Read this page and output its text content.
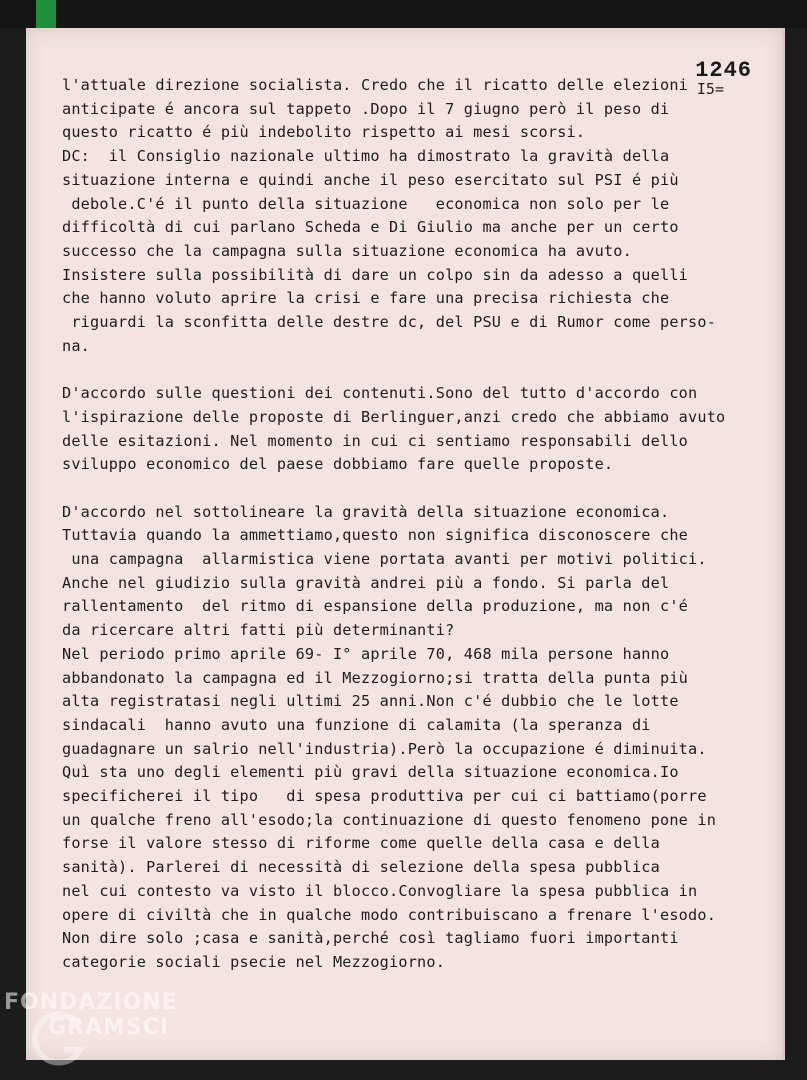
1246
I5=
l'attuale direzione socialista. Credo che il ricatto delle elezioni
anticipate é ancora sul tappeto .Dopo il 7 giugno però il peso di
questo ricatto é più indebolito rispetto ai mesi scorsi.
DC:  il Consiglio nazionale ultimo ha dimostrato la gravità della
situazione interna e quindi anche il peso esercitato sul PSI é più
debole.C'é il punto della situazione   economica non solo per le
difficoltà di cui parlano Scheda e Di Giulio ma anche per un certo
successo che la campagna sulla situazione economica ha avuto.
Insistere sulla possibilità di dare un colpo sin da adesso a quelli
che hanno voluto aprire la crisi e fare una precisa richiesta che
riguardi la sconfitta delle destre dc, del PSU e di Rumor come perso-
na.
D'accordo sulle questioni dei contenuti.Sono del tutto d'accordo con
l'ispirazione delle proposte di Berlinguer,anzi credo che abbiamo avuto
delle esitazioni. Nel momento in cui ci sentiamo responsabili dello
sviluppo economico del paese dobbiamo fare quelle proposte.
D'accordo nel sottolineare la gravità della situazione economica.
Tuttavia quando la ammettiamo,questo non significa disconoscere che
una campagna  allarmistica viene portata avanti per motivi politici.
Anche nel giudizio sulla gravità andrei più a fondo. Si parla del
rallentamento  del ritmo di espansione della produzione, ma non c'é
da ricercare altri fatti più determinanti?
Nel periodo primo aprile 69- I° aprile 70, 468 mila persone hanno
abbandonato la campagna ed il Mezzogiorno;si tratta della punta più
alta registratasi negli ultimi 25 anni.Non c'é dubbio che le lotte
sindacali  hanno avuto una funzione di calamita (la speranza di
guadagnare un salrio nell'industria).Però la occupazione é diminuita.
Quì sta uno degli elementi più gravi della situazione economica.Io
specificherei il tipo   di spesa produttiva per cui ci battiamo(porre
un qualche freno all'esodo;la continuazione di questo fenomeno pone in
forse il valore stesso di riforme come quelle della casa e della
sanità). Parlerei di necessità di selezione della spesa pubblica
nel cui contesto va visto il blocco.Convogliare la spesa pubblica in
opere di civiltà che in qualche modo contribuiscano a frenare l'esodo.
Non dire solo ;casa e sanità,perché così tagliamo fuori importanti
categorie sociali psecie nel Mezzogiorno.
FONDAZIONE
GRAMSCI
